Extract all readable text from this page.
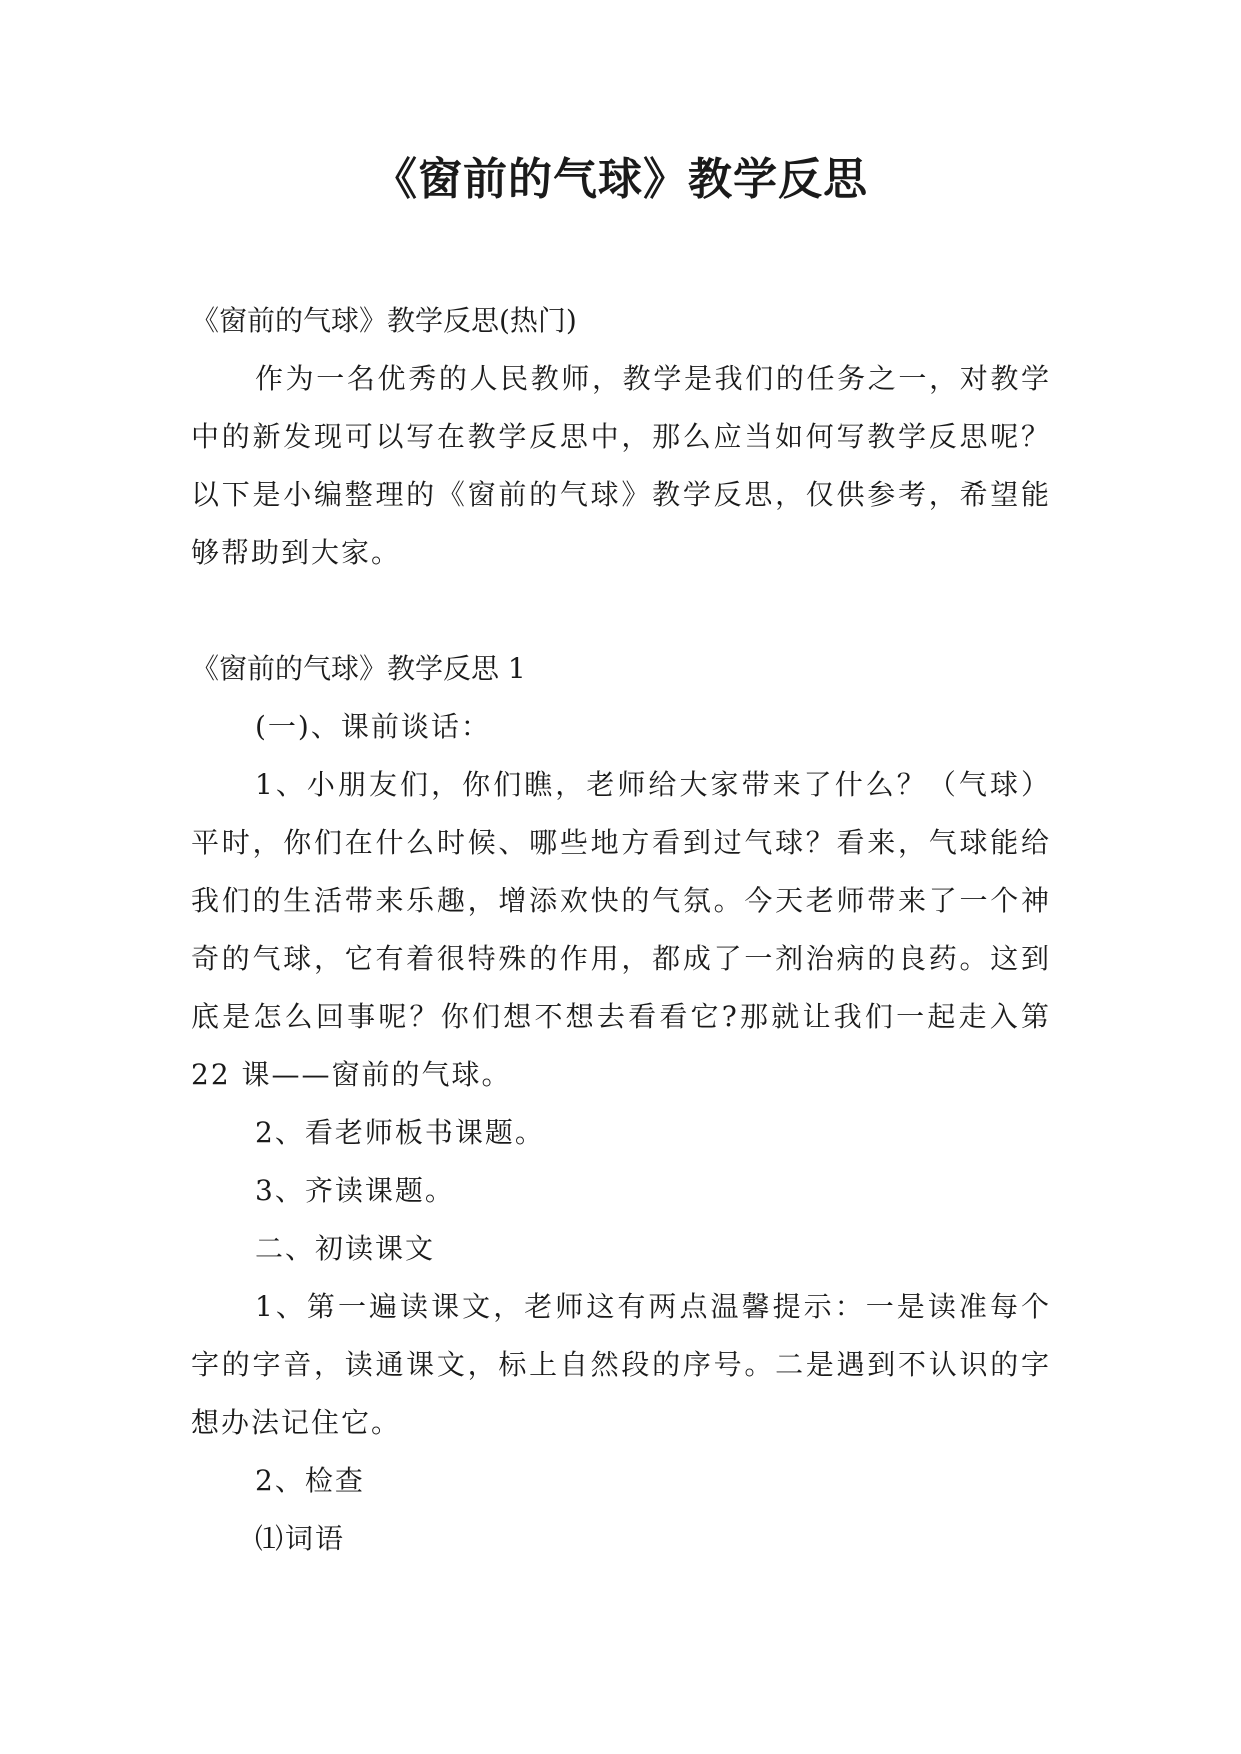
《窗前的气球》教学反思

《窗前的气球》教学反思(热门)

作为一名优秀的人民教师，教学是我们的任务之一，对教学中的新发现可以写在教学反思中，那么应当如何写教学反思呢？以下是小编整理的《窗前的气球》教学反思，仅供参考，希望能够帮助到大家。

《窗前的气球》教学反思 1

(一)、课前谈话：

1、小朋友们，你们瞧，老师给大家带来了什么？（气球）平时，你们在什么时候、哪些地方看到过气球？看来，气球能给我们的生活带来乐趣，增添欢快的气氛。今天老师带来了一个神奇的气球，它有着很特殊的作用，都成了一剂治病的良药。这到底是怎么回事呢？你们想不想去看看它?那就让我们一起走入第 22 课——窗前的气球。

2、看老师板书课题。

3、齐读课题。

二、初读课文

1、第一遍读课文，老师这有两点温馨提示：一是读准每个字的字音，读通课文，标上自然段的序号。二是遇到不认识的字想办法记住它。

2、检查

⑴词语
